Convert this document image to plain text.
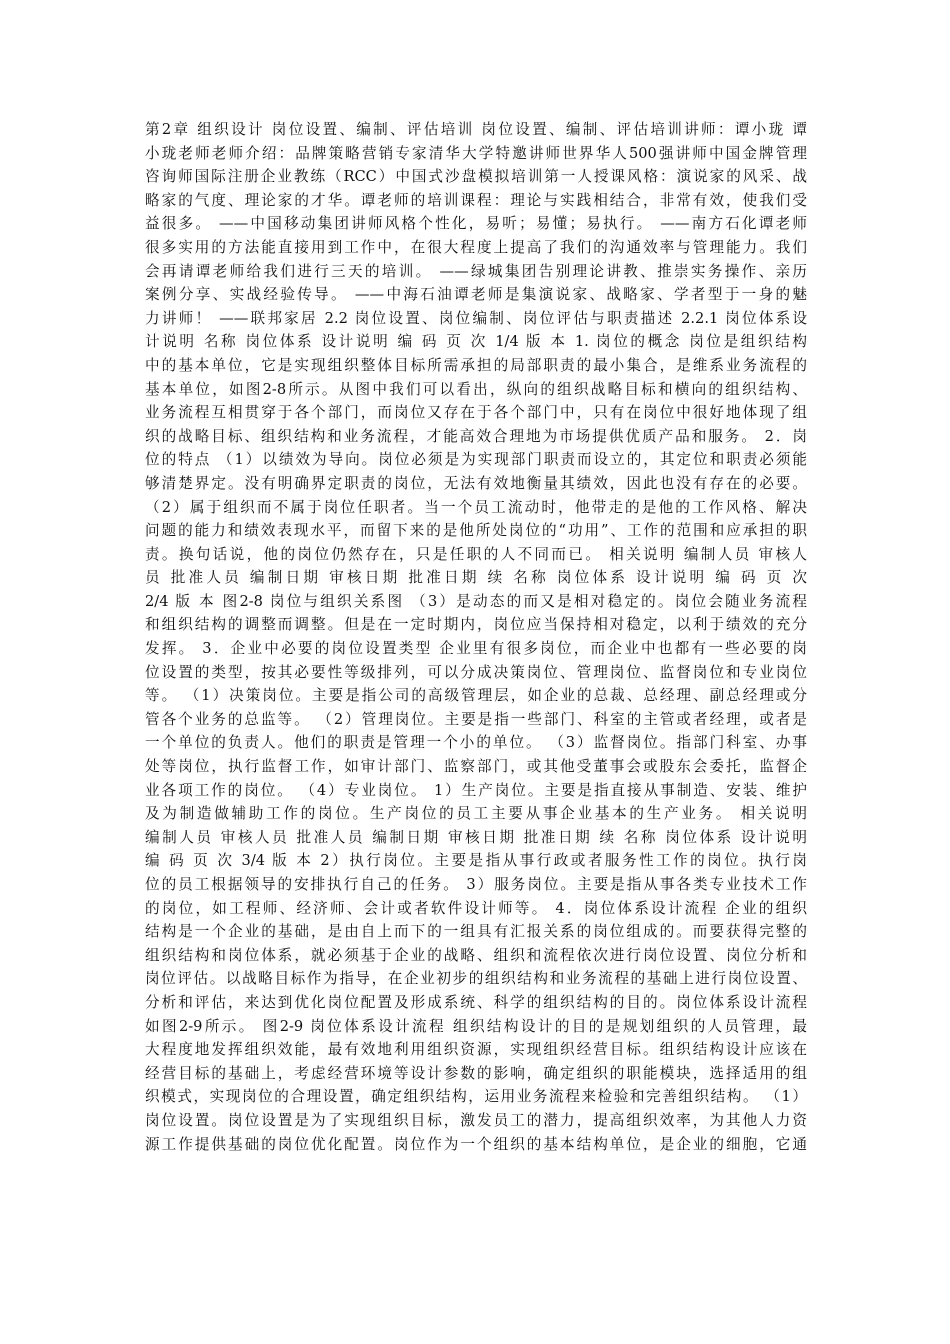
第2章 组织设计 岗位设置、编制、评估培训 岗位设置、编制、评估培训讲师：谭小珑 谭
小珑老师老师介绍：品牌策略营销专家清华大学特邀讲师世界华人500强讲师中国金牌管理
咨询师国际注册企业教练（RCC）中国式沙盘模拟培训第一人授课风格：演说家的风采、战
略家的气度、理论家的才华。谭老师的培训课程：理论与实践相结合，非常有效，使我们受
益很多。 ——中国移动集团讲师风格个性化，易听；易懂；易执行。 ——南方石化谭老师
很多实用的方法能直接用到工作中，在很大程度上提高了我们的沟通效率与管理能力。我们
会再请谭老师给我们进行三天的培训。 ——绿城集团告别理论讲教、推崇实务操作、亲历
案例分享、实战经验传导。 ——中海石油谭老师是集演说家、战略家、学者型于一身的魅
力讲师！ ——联邦家居 2.2 岗位设置、岗位编制、岗位评估与职责描述 2.2.1 岗位体系设
计说明 名称 岗位体系 设计说明 编 码 页 次 1/4 版 本 1. 岗位的概念 岗位是组织结构
中的基本单位，它是实现组织整体目标所需承担的局部职责的最小集合，是维系业务流程的
基本单位，如图2-8所示。从图中我们可以看出，纵向的组织战略目标和横向的组织结构、
业务流程互相贯穿于各个部门，而岗位又存在于各个部门中，只有在岗位中很好地体现了组
织的战略目标、组织结构和业务流程，才能高效合理地为市场提供优质产品和服务。 2．岗
位的特点 （1）以绩效为导向。岗位必须是为实现部门职责而设立的，其定位和职责必须能
够清楚界定。没有明确界定职责的岗位，无法有效地衡量其绩效，因此也没有存在的必要。
（2）属于组织而不属于岗位任职者。当一个员工流动时，他带走的是他的工作风格、解决
问题的能力和绩效表现水平，而留下来的是他所处岗位的“功用”、工作的范围和应承担的职
责。换句话说，他的岗位仍然存在，只是任职的人不同而已。 相关说明 编制人员 审核人
员 批准人员 编制日期 审核日期 批准日期 续 名称 岗位体系 设计说明 编 码 页 次
2/4 版 本 图2-8 岗位与组织关系图 （3）是动态的而又是相对稳定的。岗位会随业务流程
和组织结构的调整而调整。但是在一定时期内，岗位应当保持相对稳定，以利于绩效的充分
发挥。 3．企业中必要的岗位设置类型 企业里有很多岗位，而企业中也都有一些必要的岗
位设置的类型，按其必要性等级排列，可以分成决策岗位、管理岗位、监督岗位和专业岗位
等。 （1）决策岗位。主要是指公司的高级管理层，如企业的总裁、总经理、副总经理或分
管各个业务的总监等。 （2）管理岗位。主要是指一些部门、科室的主管或者经理，或者是
一个单位的负责人。他们的职责是管理一个小的单位。 （3）监督岗位。指部门科室、办事
处等岗位，执行监督工作，如审计部门、监察部门，或其他受董事会或股东会委托，监督企
业各项工作的岗位。 （4）专业岗位。 1）生产岗位。主要是指直接从事制造、安装、维护
及为制造做辅助工作的岗位。生产岗位的员工主要从事企业基本的生产业务。 相关说明
编制人员 审核人员 批准人员 编制日期 审核日期 批准日期 续 名称 岗位体系 设计说明
编 码 页 次 3/4 版 本 2）执行岗位。主要是指从事行政或者服务性工作的岗位。执行岗
位的员工根据领导的安排执行自己的任务。 3）服务岗位。主要是指从事各类专业技术工作
的岗位，如工程师、经济师、会计或者软件设计师等。 4．岗位体系设计流程 企业的组织
结构是一个企业的基础，是由自上而下的一组具有汇报关系的岗位组成的。而要获得完整的
组织结构和岗位体系，就必须基于企业的战略、组织和流程依次进行岗位设置、岗位分析和
岗位评估。以战略目标作为指导，在企业初步的组织结构和业务流程的基础上进行岗位设置、
分析和评估，来达到优化岗位配置及形成系统、科学的组织结构的目的。岗位体系设计流程
如图2-9所示。 图2-9 岗位体系设计流程 组织结构设计的目的是规划组织的人员管理，最
大程度地发挥组织效能，最有效地利用组织资源，实现组织经营目标。组织结构设计应该在
经营目标的基础上，考虑经营环境等设计参数的影响，确定组织的职能模块，选择适用的组
织模式，实现岗位的合理设置，确定组织结构，运用业务流程来检验和完善组织结构。 （1）
岗位设置。岗位设置是为了实现组织目标，激发员工的潜力，提高组织效率，为其他人力资
源工作提供基础的岗位优化配置。岗位作为一个组织的基本结构单位，是企业的细胞，它通
